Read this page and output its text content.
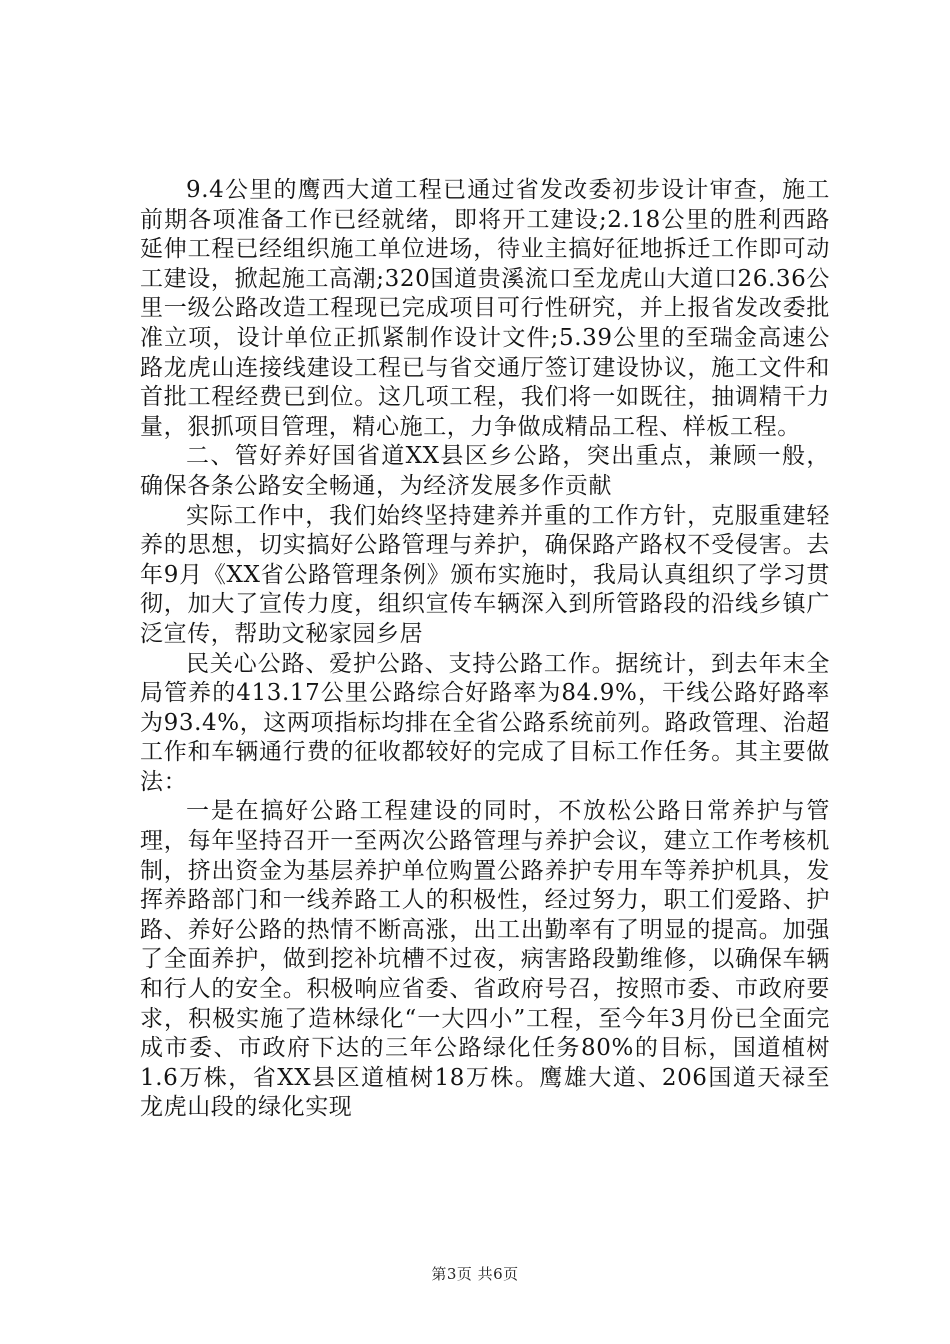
9.4公里的鹰西大道工程已通过省发改委初步设计审查，施工前期各项准备工作已经就绪，即将开工建设;2.18公里的胜利西路延伸工程已经组织施工单位进场，待业主搞好征地拆迁工作即可动工建设，掀起施工高潮;320国道贵溪流口至龙虎山大道口26.36公里一级公路改造工程现已完成项目可行性研究，并上报省发改委批准立项，设计单位正抓紧制作设计文件;5.39公里的至瑞金高速公路龙虎山连接线建设工程已与省交通厅签订建设协议，施工文件和首批工程经费已到位。这几项工程，我们将一如既往，抽调精干力量，狠抓项目管理，精心施工，力争做成精品工程、样板工程。

二、管好养好国省道XX县区乡公路，突出重点，兼顾一般，确保各条公路安全畅通，为经济发展多作贡献

实际工作中，我们始终坚持建养并重的工作方针，克服重建轻养的思想，切实搞好公路管理与养护，确保路产路权不受侵害。去年9月《XX省公路管理条例》颁布实施时，我局认真组织了学习贯彻，加大了宣传力度，组织宣传车辆深入到所管路段的沿线乡镇广泛宣传，帮助文秘家园乡居

民关心公路、爱护公路、支持公路工作。据统计，到去年末全局管养的413.17公里公路综合好路率为84.9%，干线公路好路率为93.4%，这两项指标均排在全省公路系统前列。路政管理、治超工作和车辆通行费的征收都较好的完成了目标工作任务。其主要做法：

一是在搞好公路工程建设的同时，不放松公路日常养护与管理，每年坚持召开一至两次公路管理与养护会议，建立工作考核机制，挤出资金为基层养护单位购置公路养护专用车等养护机具，发挥养路部门和一线养路工人的积极性，经过努力，职工们爱路、护路、养好公路的热情不断高涨，出工出勤率有了明显的提高。加强了全面养护，做到挖补坑槽不过夜，病害路段勤维修，以确保车辆和行人的安全。积极响应省委、省政府号召，按照市委、市政府要求，积极实施了造林绿化“一大四小”工程，至今年3月份已全面完成市委、市政府下达的三年公路绿化任务80%的目标，国道植树1.6万株，省XX县区道植树18万株。鹰雄大道、206国道天禄至龙虎山段的绿化实现

第3页 共6页
